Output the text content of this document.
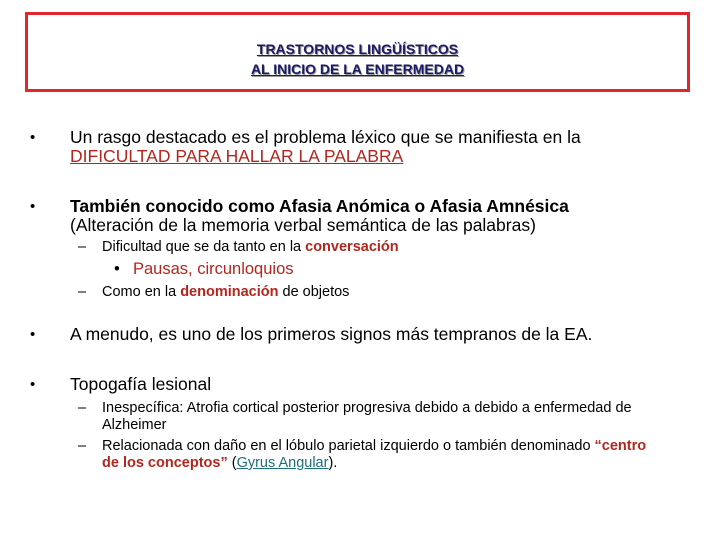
TRASTORNOS LINGÜÍSTICOS
AL INICIO DE LA ENFERMEDAD
• Un rasgo destacado es el problema léxico que se manifiesta en la
DIFICULTAD PARA HALLAR LA PALABRA
• También conocido como Afasia Anómica o Afasia Amnésica
(Alteración de la memoria verbal semántica de las palabras)
– Dificultad que se da tanto en la conversación
• Pausas, circunloquios
– Como en la denominación de objetos
• A menudo, es uno de los primeros signos más tempranos de la EA.
• Topogafía lesional
– Inespecífica: Atrofia cortical posterior progresiva debido a debido a enfermedad de Alzheimer
– Relacionada con daño en el lóbulo parietal izquierdo o también denominado “centro de los conceptos” (Gyrus Angular).
